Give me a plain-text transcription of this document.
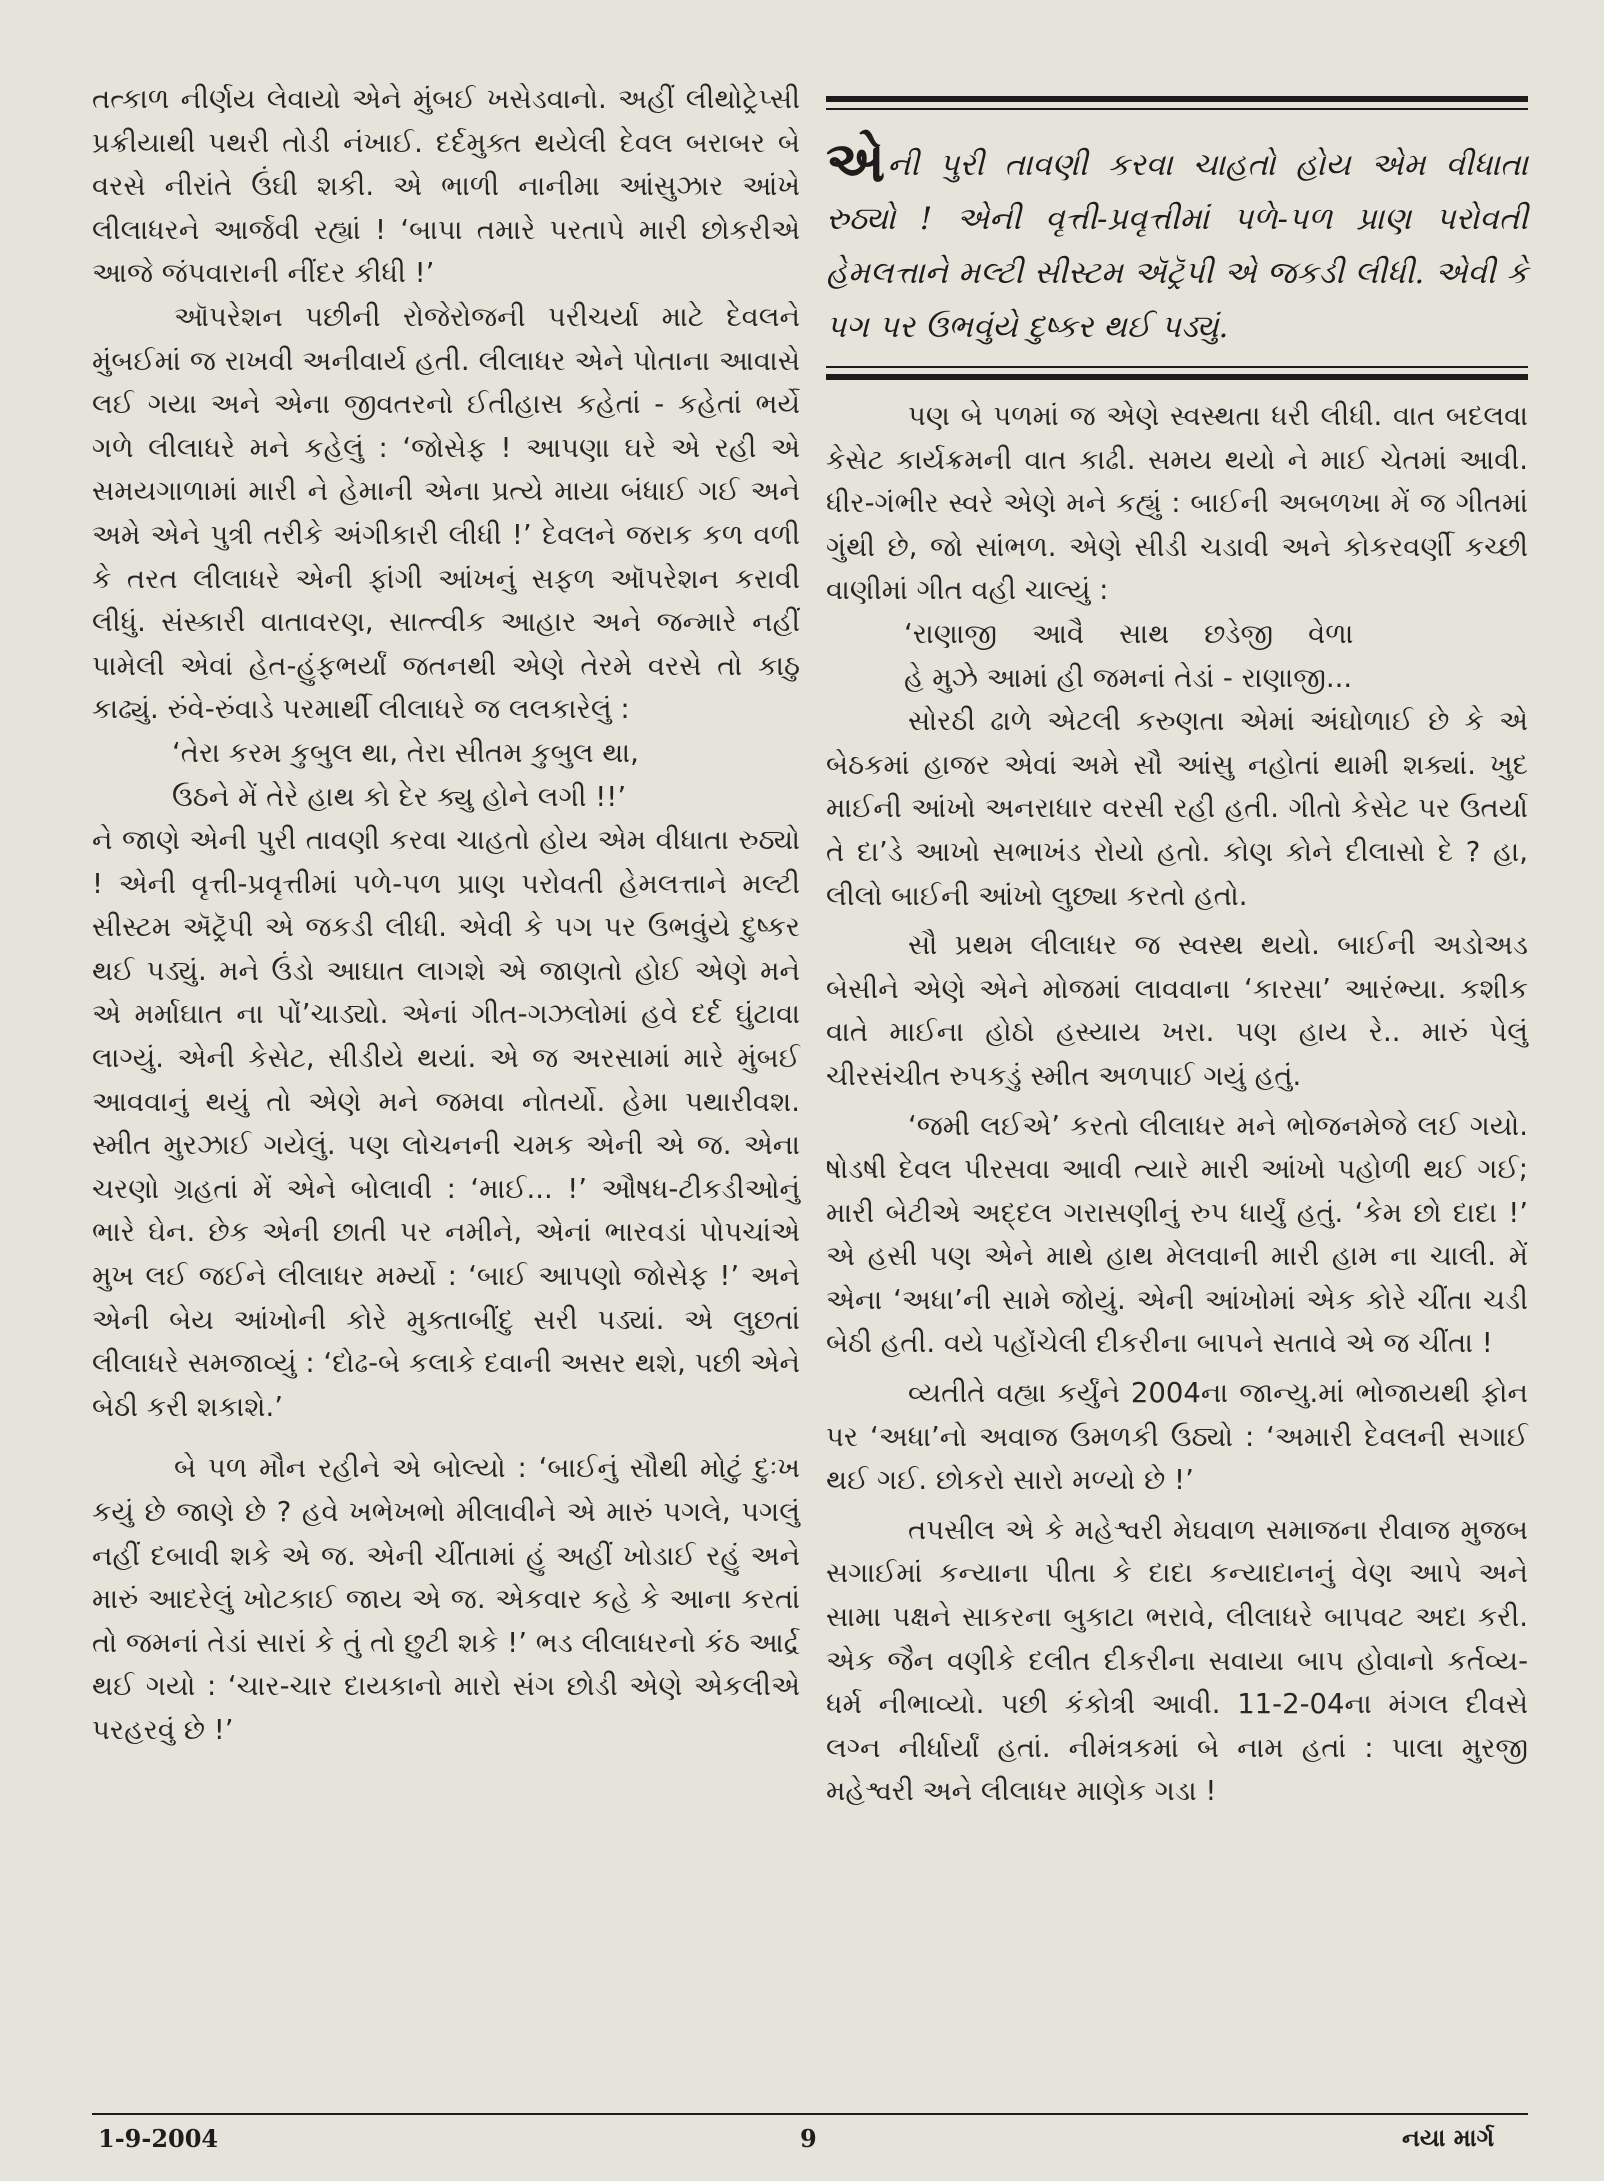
તત્કાળ નીર્ણય લેવાયો એને મુંબઈ ખસેડવાનો. અહીં લીથોટ્રેપ્સી પ્રક્રીયાથી પથરી તોડી નંખાઈ. દર્દમુક્ત થયેલી દેવલ બરાબર બે વરસે નીરાંતે ઉંઘી શકી. એ ભાળી નાનીમા આંસુઝાર આંખે લીલાધરને આર્જવી રહ્યાં ! ‘બાપા તમારે પરતાપે મારી છોકરીએ આજે જંપવારાની નીંદર કીધી !’

ઑપરેશન પછીની રોજેરોજની પરીચર્યા માટે દેવલને મુંબઈમાં જ રાખવી અનીવાર્ય હતી. લીલાધર એને પોતાના આવાસે લઈ ગયા અને એના જીવતરનો ઈતીહાસ કહેતાં - કહેતાં ભર્યે ગળે લીલાધરે મને કહેલું : ‘જોસેફ ! આપણા ઘરે એ રહી એ સમયગાળામાં મારી ને હેમાની એના પ્રત્યે માયા બંધાઈ ગઈ અને અમે એને પુત્રી તરીકે અંગીકારી લીધી !’ દેવલને જરાક કળ વળી કે તરત લીલાધરે એની ફાંગી આંખનું સફળ ઑપરેશન કરાવી લીધું. સંસ્કારી વાતાવરણ, સાત્ત્વીક આહાર અને જન્મારે નહીં પામેલી એવાં હેત-હુંફભર્યાં જતનથી એણે તેરમે વરસે તો કાઠુ કાઢ્યું. રુંવે-રુંવાડે પરમાર્થી લીલાધરે જ લલકારેલું :

‘તેરા કરમ કુબુલ થા, તેરા સીતમ કુબુલ થા,
ઉઠને મેં તેરે હાથ કો દેર ક્યુ હોને લગી !!’

ને જાણે એની પુરી તાવણી કરવા ચાહતો હોય એમ વીધાતા રુઠ્યો ! એની વૃત્તી-પ્રવૃત્તીમાં પળે-પળ પ્રાણ પરોવતી હેમલત્તાને મલ્ટી સીસ્ટમ ઍટ્રૅપી એ જકડી લીધી. એવી કે પગ પર ઉભવુંયે દુષ્કર થઈ પડ્યું. મને ઉંડો આઘાત લાગશે એ જાણતો હોઈ એણે મને એ મર્માઘાત ના પોં’ચાડ્યો. એનાં ગીત-ગઝલોમાં હવે દર્દ ઘુંટાવા લાગ્યું. એની કેસેટ, સીડીયે થયાં. એ જ અરસામાં મારે મુંબઈ આવવાનું થયું તો એણે મને જમવા નોતર્યો. હેમા પથારીવશ. સ્મીત મુરઝાઈ ગયેલું. પણ લોચનની ચમક એની એ જ. એના ચરણો ગ્રહતાં મેં એને બોલાવી : ‘માઈ... !’ ઔષધ-ટીકડીઓનું ભારે ઘેન. છેક એની છાતી પર નમીને, એનાં ભારવડાં પોપચાંએ મુખ લઈ જઈને લીલાધર મર્મ્યો : ‘બાઈ આપણો જોસેફ !’ અને એની બેય આંખોની કોરે મુક્તાબીંદુ સરી પડ્યાં. એ લુછતાં લીલાધરે સમજાવ્યું : ‘દોઢ-બે કલાકે દવાની અસર થશે, પછી એને બેઠી કરી શકાશે.’

બે પળ મૌન રહીને એ બોલ્યો : ‘બાઈનું સૌથી મોટું દુઃખ કયું છે જાણે છે ? હવે ખભેખભો મીલાવીને એ મારું પગલે, પગલું નહીં દબાવી શકે એ જ. એની ચીંતામાં હું અહીં ખોડાઈ રહું અને મારું આદરેલું ખોટકાઈ જાય એ જ. એકવાર કહે કે આના કરતાં તો જમનાં તેડાં સારાં કે તું તો છુટી શકે !’ ભડ લીલાધરનો કંઠ આર્દ્ર થઈ ગયો : ‘ચાર-ચાર દાયકાનો મારો સંગ છોડી એણે એકલીએ પરહરવું છે !’

એની પુરી તાવણી કરવા ચાહતો હોય એમ વીધાતા રુઠ્યો ! એની વૃત્તી-પ્રવૃત્તીમાં પળે-પળ પ્રાણ પરોવતી હેમલત્તાને મલ્ટી સીસ્ટમ ઍટ્રૅપી એ જકડી લીધી. એવી કે પગ પર ઉભવુંયે દુષ્કર થઈ પડ્યું.

પણ બે પળમાં જ એણે સ્વસ્થતા ધરી લીધી. વાત બદલવા કેસેટ કાર્યક્રમની વાત કાઢી. સમય થયો ને માઈ ચેતમાં આવી. ધીર-ગંભીર સ્વરે એણે મને કહ્યું : બાઈની અબળખા મેં જ ગીતમાં ગુંથી છે, જો સાંભળ. એણે સીડી ચડાવી અને કોકરવર્ણી કચ્છી વાણીમાં ગીત વહી ચાલ્યું :

‘રાણાજી    આવૈ    સાથ    છડેજી    વેળા
હે મુઝે આમાં હી જમનાં તેડાં - રાણાજી...

સોરઠી ઢાળે એટલી કરુણતા એમાં અંઘોળાઈ છે કે એ બેઠકમાં હાજર એવાં અમે સૌ આંસુ નહોતાં થામી શક્યાં. ખુદ માઈની આંખો અનરાધાર વરસી રહી હતી. ગીતો કેસેટ પર ઉતર્યા તે દા’ડે આખો સભાખંડ રોયો હતો. કોણ કોને દીલાસો દે ? હા, લીલો બાઈની આંખો લુછ્યા કરતો હતો.

સૌ પ્રથમ લીલાધર જ સ્વસ્થ થયો. બાઈની અડોઅડ બેસીને એણે એને મોજમાં લાવવાના ‘કારસા’ આરંભ્યા. કશીક વાતે માઈના હોઠો હસ્યાય ખરા. પણ હાય રે.. મારું પેલું ચીરસંચીત રુપકડું સ્મીત અળપાઈ ગયું હતું.

‘જમી લઈએ’ કરતો લીલાધર મને ભોજનમેજે લઈ ગયો. ષોડષી દેવલ પીરસવા આવી ત્યારે મારી આંખો પહોળી થઈ ગઈ; મારી બેટીએ અદ્દલ ગરાસણીનું રુપ ધાર્યું હતું. ‘કેમ છો દાદા !’ એ હસી પણ એને માથે હાથ મેલવાની મારી હામ ના ચાલી. મેં એના ‘અધા’ની સામે જોયું. એની આંખોમાં એક કોરે ચીંતા ચડી બેઠી હતી. વયે પહોંચેલી દીકરીના બાપને સતાવે એ જ ચીંતા !

વ્યતીતે વહ્યા કર્યુંને 2004ના જાન્યુ.માં ભોજાયથી ફોન પર ‘અધા’નો અવાજ ઉમળકી ઉઠ્યો : ‘અમારી દેવલની સગાઈ થઈ ગઈ. છોકરો સારો મળ્યો છે !’

તપસીલ એ કે મહેશ્વરી મેઘવાળ સમાજના રીવાજ મુજબ સગાઈમાં કન્યાના પીતા કે દાદા કન્યાદાનનું વેણ આપે અને સામા પક્ષને સાકરના બુકાટા ભરાવે, લીલાધરે બાપવટ અદા કરી. એક જૈન વણીકે દલીત દીકરીના સવાયા બાપ હોવાનો કર્તવ્ય-ધર્મ નીભાવ્યો. પછી કંકોત્રી આવી. 11-2-04ના મંગલ દીવસે લગ્ન નીર્ધાર્યાં હતાં. નીમંત્રકમાં બે નામ હતાં : પાલા મુરજી મહેશ્વરી અને લીલાધર માણેક ગડા !

1-9-2004	9	નયા માર્ગ
